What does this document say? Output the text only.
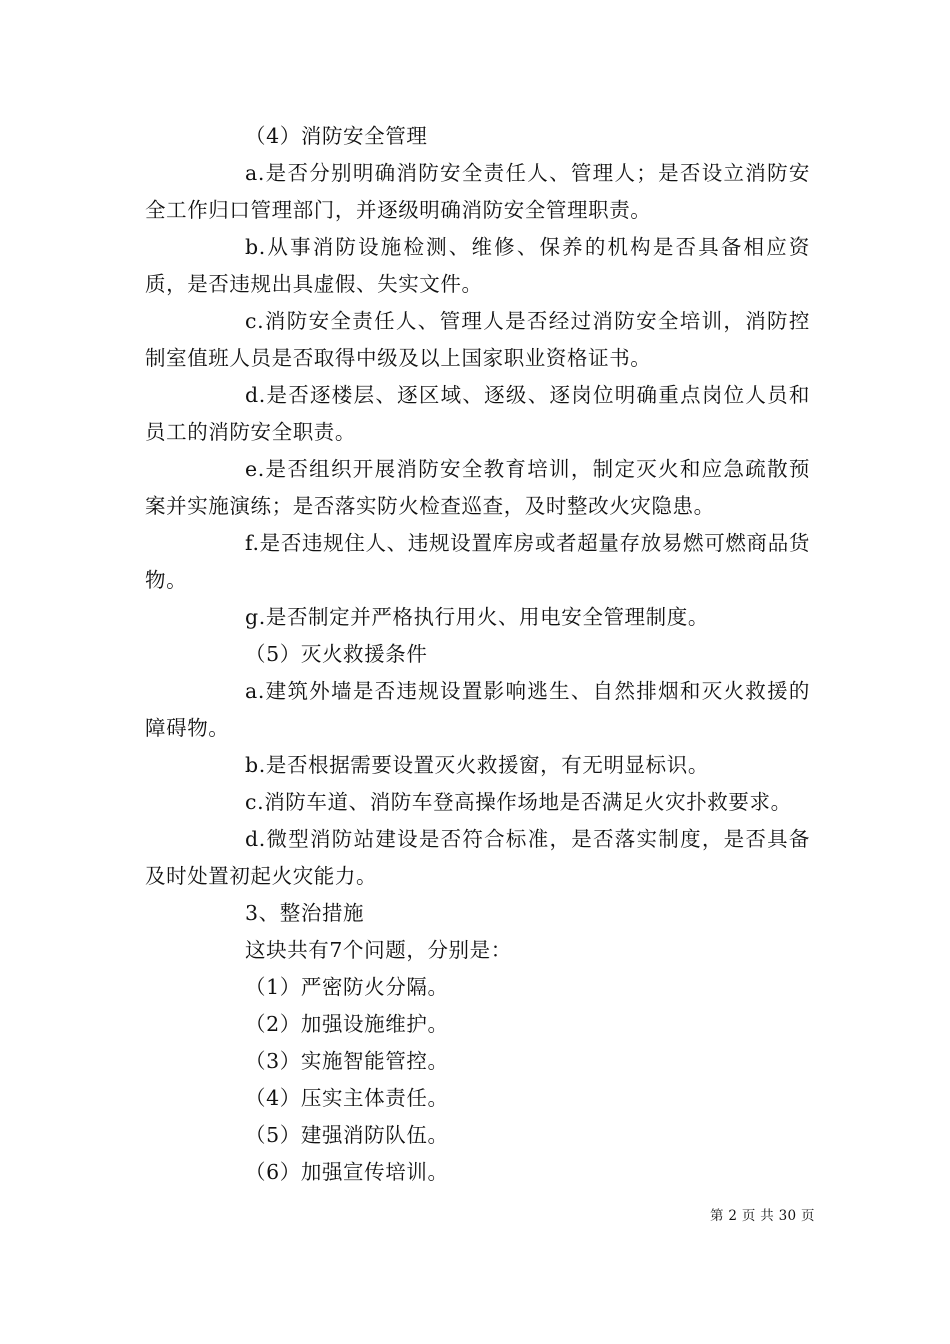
（4）消防安全管理

a.是否分别明确消防安全责任人、管理人；是否设立消防安全工作归口管理部门，并逐级明确消防安全管理职责。

b.从事消防设施检测、维修、保养的机构是否具备相应资质，是否违规出具虚假、失实文件。

c.消防安全责任人、管理人是否经过消防安全培训，消防控制室值班人员是否取得中级及以上国家职业资格证书。

d.是否逐楼层、逐区域、逐级、逐岗位明确重点岗位人员和员工的消防安全职责。

e.是否组织开展消防安全教育培训，制定灭火和应急疏散预案并实施演练；是否落实防火检查巡查，及时整改火灾隐患。

f.是否违规住人、违规设置库房或者超量存放易燃可燃商品货物。

g.是否制定并严格执行用火、用电安全管理制度。

（5）灭火救援条件

a.建筑外墙是否违规设置影响逃生、自然排烟和灭火救援的障碍物。

b.是否根据需要设置灭火救援窗，有无明显标识。

c.消防车道、消防车登高操作场地是否满足火灾扑救要求。

d.微型消防站建设是否符合标准，是否落实制度，是否具备及时处置初起火灾能力。

3、整治措施

这块共有7个问题，分别是：

（1）严密防火分隔。

（2）加强设施维护。

（3）实施智能管控。

（4）压实主体责任。

（5）建强消防队伍。

（6）加强宣传培训。

第 2 页 共 30 页
